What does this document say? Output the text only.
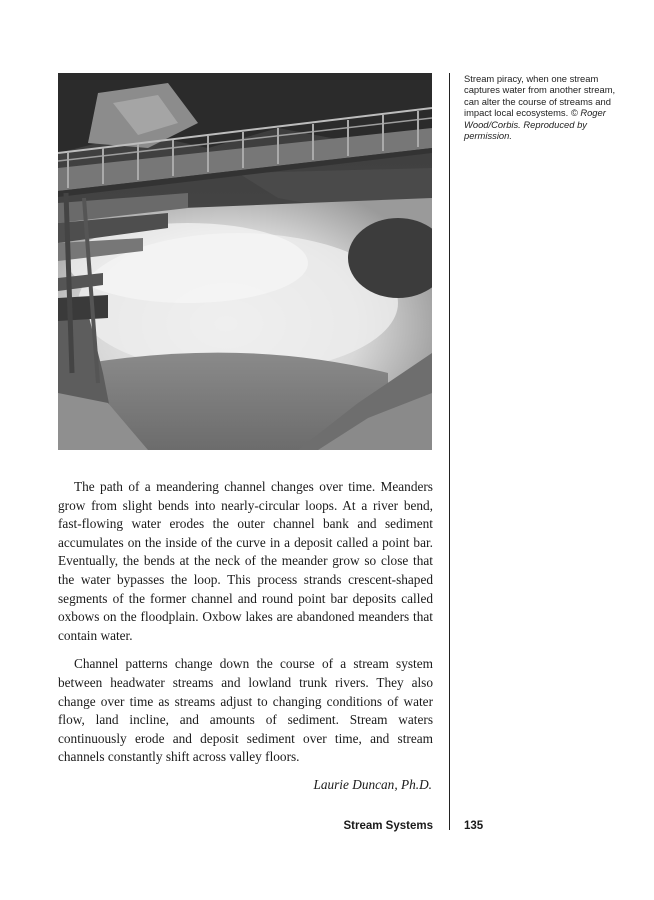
Stream piracy, when one stream captures water from another stream, can alter the course of streams and impact local ecosystems. © Roger Wood/Corbis. Reproduced by permission.

The path of a meandering channel changes over time. Meanders grow from slight bends into nearly-circular loops. At a river bend, fast-flowing water erodes the outer channel bank and sediment accumulates on the inside of the curve in a deposit called a point bar. Eventually, the bends at the neck of the meander grow so close that the water bypasses the loop. This process strands crescent-shaped segments of the former channel and round point bar deposits called oxbows on the floodplain. Oxbow lakes are abandoned meanders that contain water.

Channel patterns change down the course of a stream system between headwater streams and lowland trunk rivers. They also change over time as streams adjust to changing conditions of water flow, land incline, and amounts of sediment. Stream waters continuously erode and deposit sediment over time, and stream channels constantly shift across valley floors.

Laurie Duncan, Ph.D.
Stream Systems	135
